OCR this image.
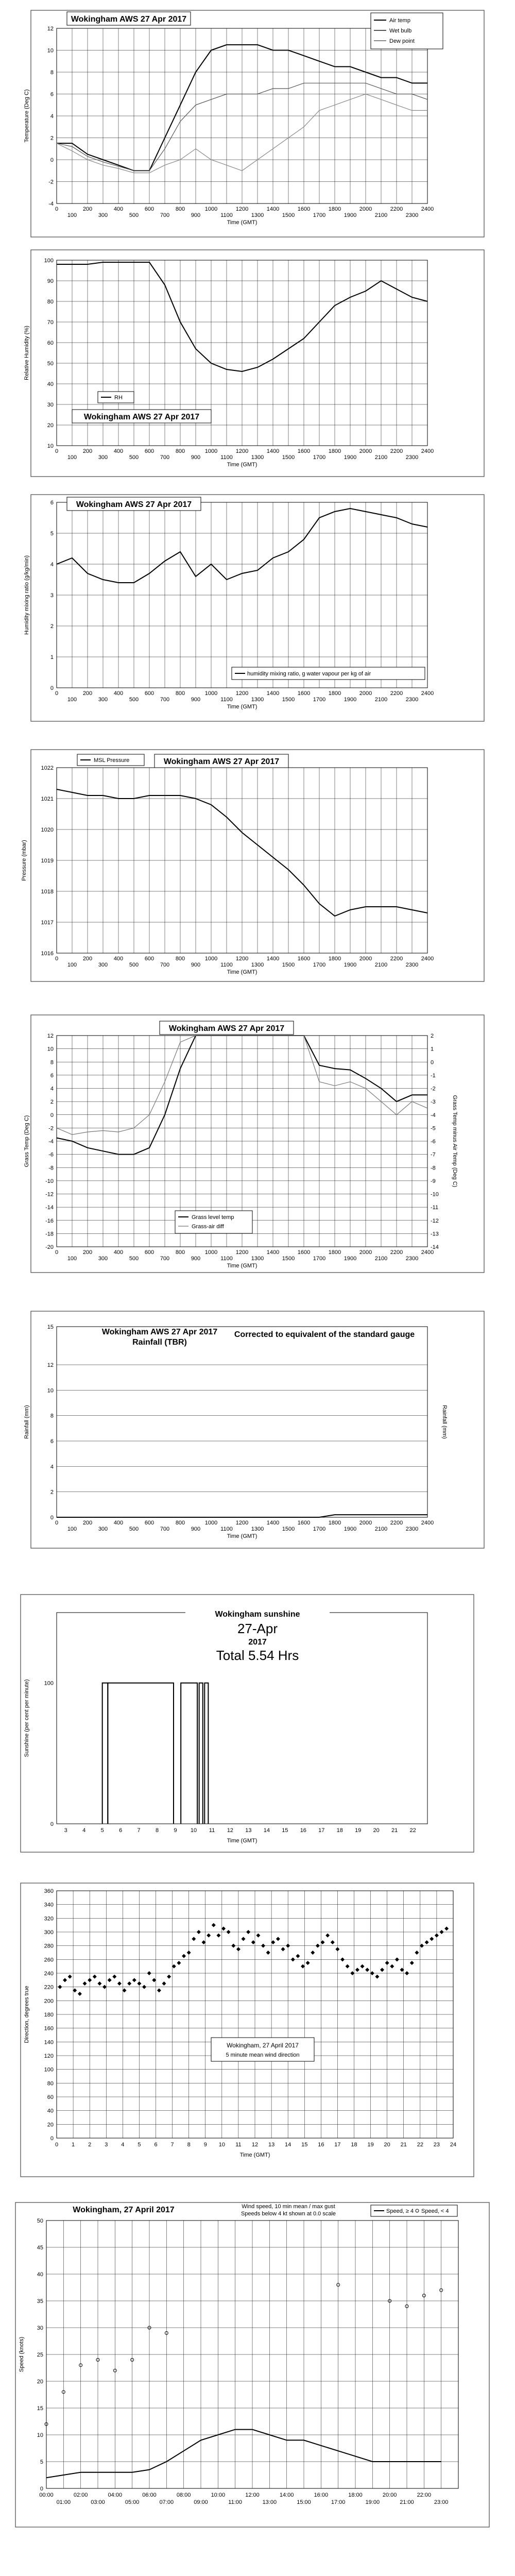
-4
-2
0
2
4
6
8
10
12
0
100
200
300
400
500
600
700
800
900
1000
1100
1200
1300
1400
1500
1600
1700
1800
1900
2000
2100
2200
2300
2400
Wokingham AWS 27 Apr 2017	Air temp
Wet bulb
Dew point
Temperature (Deg C)
Time (GMT)
10
20
30
40
50
60
70
80
90
100
0
100
200
300
400
500
600
700
800
900
1000
1100
1200
1300
1400
1500
1600
1700
1800
1900
2000
2100
2200
2300
2400
Wokingham AWS 27 Apr 2017
RH
Relative Humidity (%)
Time (GMT)
0
1
2
3
4
5
6
0
100
200
300
400
500
600
700
800
900
1000
1100
1200
1300
1400
1500
1600
1700
1800
1900
2000
2100
2200
2300
2400
Wokingham AWS 27 Apr 2017
humidity mixing ratio, g water vapour per kg of air
Humidity mixing ratio (g/kg/min)
Time (GMT)
1016
1017
1018
1019
1020
1021
1022
0
100
200
300
400
500
600
700
800
900
1000
1100
1200
1300
1400
1500
1600
1700
1800
1900
2000
2100
2200
2300
2400
Wokingham AWS 27 Apr 2017
MSL Pressure
Pressure (mbar)
Time (GMT)
-20
-18
-16
-14
-12
-10
-8
-6
-4
-2
0
2
4
6
8
10
12
-14
-13
-12
-11
-10
-9
-8
-7
-6
-5
-4
-3
-2
-1
0
1
2
0
100
200
300
400
500
600
700
800
900
1000
1100
1200
1300
1400
1500
1600
1700
1800
1900
2000
2100
2200
2300
2400
Wokingham AWS 27 Apr 2017
Grass level temp
Grass-air diff
Grass Temp (Deg C)	Grass Temp minus Air Temp (Deg C)
Time (GMT)
0
2
4
6
8
10
12
15
0
100
200
300
400
500
600
700
800
900
1000
1100
1200
1300
1400
1500
1600
1700
1800
1900
2000
2100
2200
2300
2400
Wokingham AWS 27 Apr 2017
Rainfall (TBR)
Corrected to equivalent of the standard gauge
Rainfall (mm)	Rainfall (mm)
Time (GMT)
0
100
3	4	5	6	7	8	9 10 11 12 13 14 15 16 17 18 19 20 21 22
Wokingham sunshine
27-Apr
2017
Total 5.54 Hrs
Sunshine (per cent per minute)
Time (GMT)
0
20
40
60
80
100
120
140
160
180
200
220
240
260
280
300
320
340
360
0 1 2 3 4 5 6 7 8 9 10 11 12 13 14 15 16 17 18 19 20 21 22 23 24
Wokingham, 27 April 2017
5 minute mean wind direction
Direction, degrees true
Time (GMT)
0
5
10
15
20
25
30
35
40
45
50
00:00	02:00	04:00	06:00	08:00	10:00	12:00	14:00	16:00	18:00	20:00	22:00
01:00	03:00	05:00	07:00	09:00	11:00	13:00	15:00	17:00	19:00	21:00	23:00
Wokingham, 27 April 2017	Wind speed, 10 min mean / max gust
Speeds below 4 kt shown at 0.0 scale	Speed, ≥ 4 Speed, < 4
Speed (knots)
